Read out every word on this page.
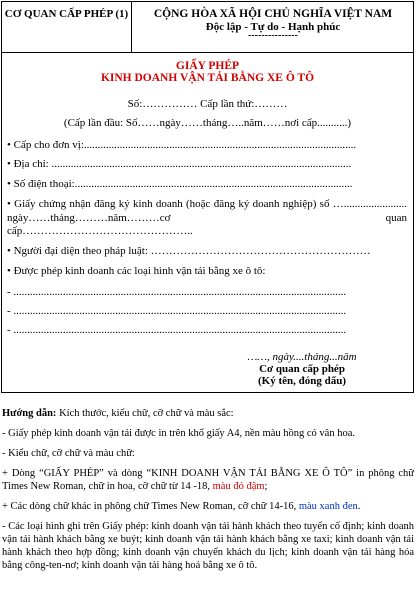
CƠ QUAN CẤP PHÉP (1)	CỘNG HÒA XÃ HỘI CHỦ NGHĨA VIỆT NAM
Độc lập - Tự do - Hạnh phúc
---------------
GIẤY PHÉP
KINH DOANH VẬN TẢI BẰNG XE Ô TÔ
Số:…………… Cấp lần thứ:………
(Cấp lần đầu: Số……ngày……tháng…..năm……nơi cấp...........)
• Cấp cho đơn vị:...................................................................................................
• Địa chỉ: .............................................................................................................
• Số điện thoại:.....................................................................................................
• Giấy chứng nhận đăng ký kinh doanh (hoặc đăng ký doanh nghiệp) số …....................... ngày……tháng………năm………cơ quan
cấp………………………………………..
• Người đại diện theo pháp luật: ……………………………………………………
• Được phép kinh doanh các loại hình vận tải bằng xe ô tô:
- .........................................................................................................................
- .........................................................................................................................
- .........................................................................................................................
……, ngày....tháng...năm
Cơ quan cấp phép
(Ký tên, đóng dấu)

Hướng dẫn: Kích thước, kiểu chữ, cỡ chữ và màu sắc:

- Giấy phép kinh doanh vận tải được in trên khổ giấy A4, nền màu hồng có vân hoa.

- Kiểu chữ, cỡ chữ và màu chữ:

+ Dòng “GIẤY PHÉP” và dòng “KINH DOANH VẬN TẢI BẰNG XE Ô TÔ” in phông chữ Times New Roman, chữ in hoa, cỡ chữ từ 14 -18, màu đỏ đậm;

+ Các dòng chữ khác in phông chữ Times New Roman, cỡ chữ 14-16, màu xanh đen.

- Các loại hình ghi trên Giấy phép: kinh doanh vận tải hành khách theo tuyến cố định; kinh doanh vận tải hành khách bằng xe buýt; kinh doanh vận tải hành khách bằng xe taxi; kinh doanh vận tải hành khách theo hợp đồng; kinh doanh vận chuyển khách du lịch; kinh doanh vận tải hàng hóa bằng công-ten-nơ; kinh doanh vận tải hàng hoá bằng xe ô tô.
